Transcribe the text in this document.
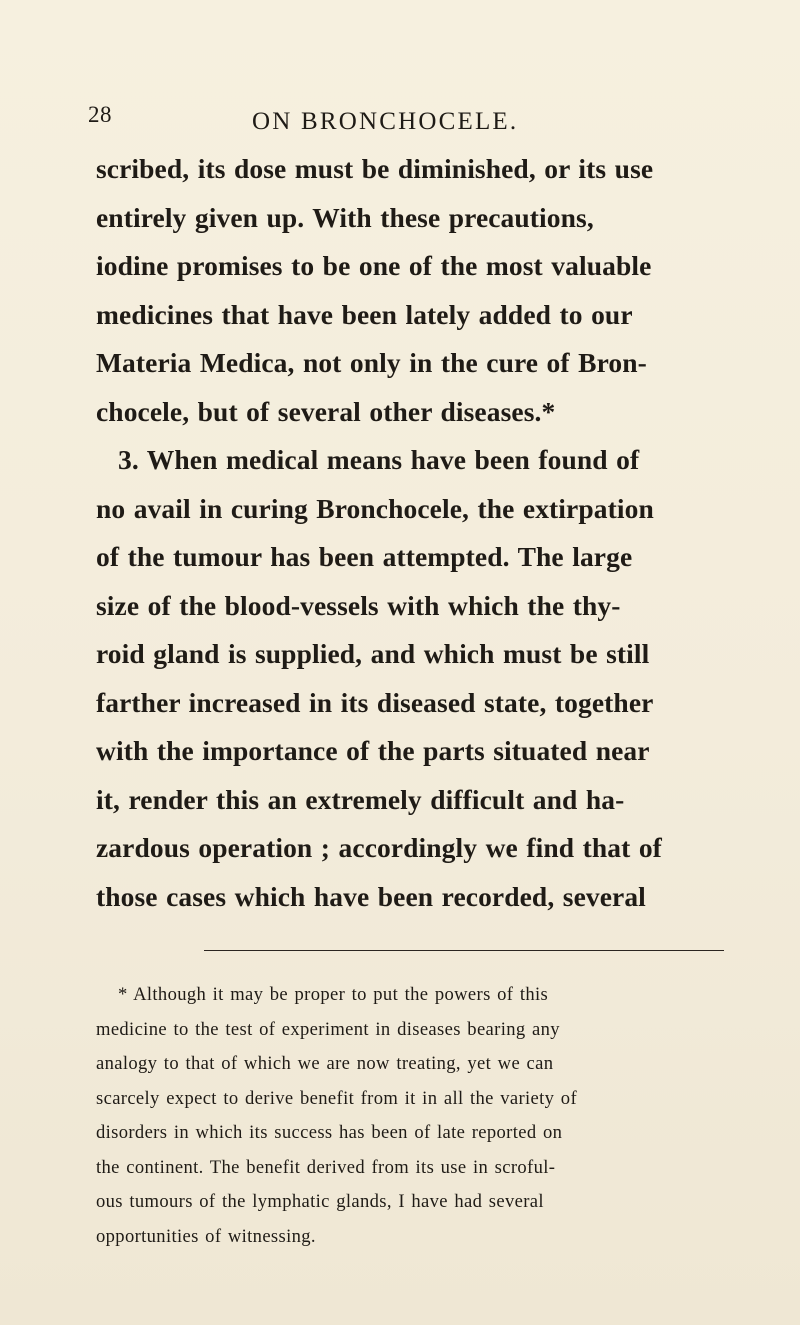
28	ON BRONCHOCELE.
scribed, its dose must be diminished, or its use
entirely given up. With these precautions,
iodine promises to be one of the most valuable
medicines that have been lately added to our
Materia Medica, not only in the cure of Bron-
chocele, but of several other diseases.*
3. When medical means have been found of
no avail in curing Bronchocele, the extirpation
of the tumour has been attempted. The large
size of the blood-vessels with which the thy-
roid gland is supplied, and which must be still
farther increased in its diseased state, together
with the importance of the parts situated near
it, render this an extremely difficult and ha-
zardous operation ; accordingly we find that of
those cases which have been recorded, several
* Although it may be proper to put the powers of this
medicine to the test of experiment in diseases bearing any
analogy to that of which we are now treating, yet we can
scarcely expect to derive benefit from it in all the variety of
disorders in which its success has been of late reported on
the continent. The benefit derived from its use in scroful-
ous tumours of the lymphatic glands, I have had several
opportunities of witnessing.
